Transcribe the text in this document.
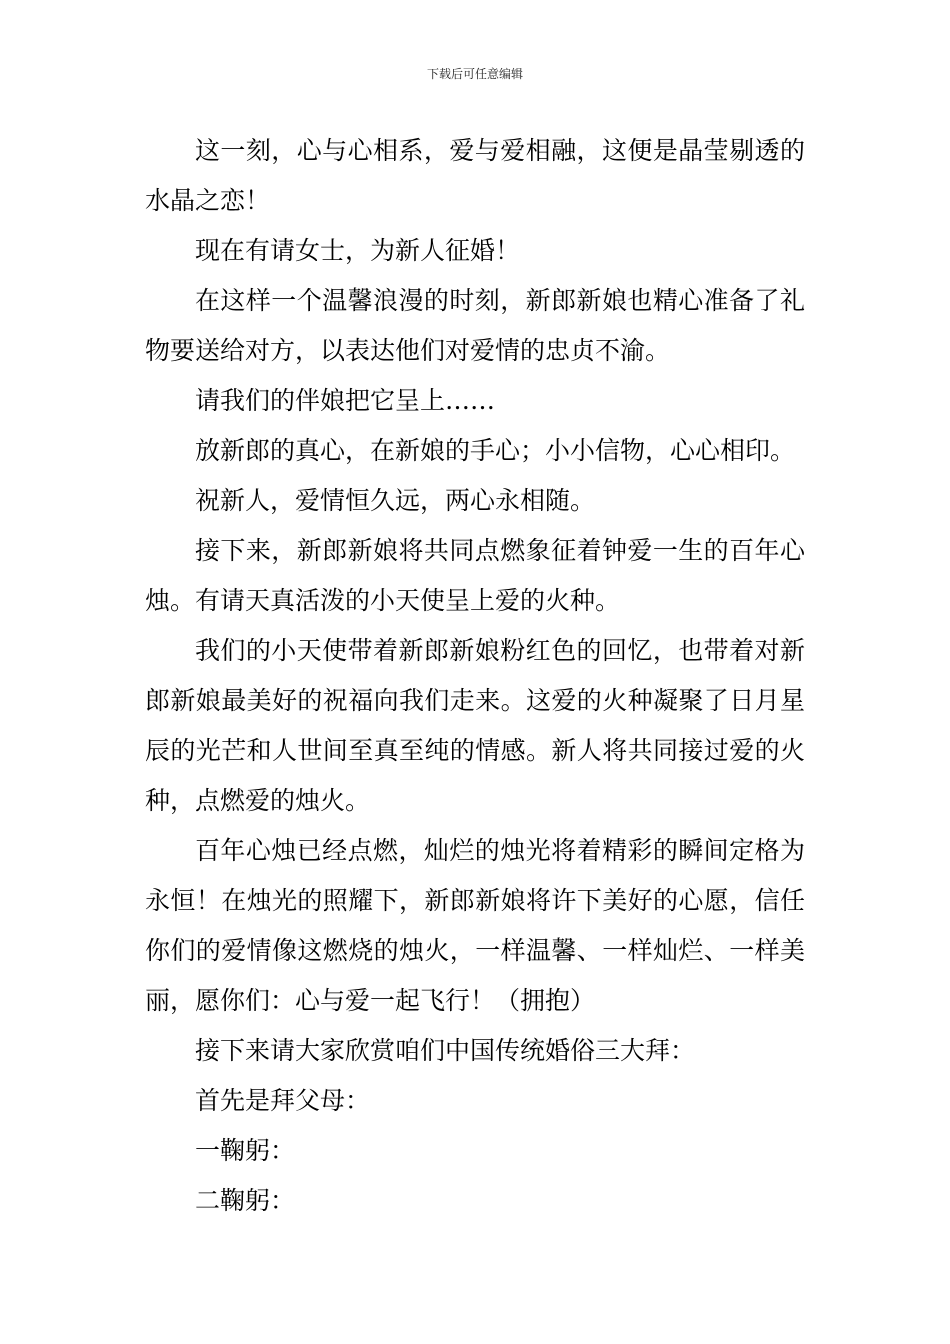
下载后可任意编辑

这一刻，心与心相系，爱与爱相融，这便是晶莹剔透的水晶之恋！

现在有请女士，为新人征婚！

在这样一个温馨浪漫的时刻，新郎新娘也精心准备了礼物要送给对方，以表达他们对爱情的忠贞不渝。

请我们的伴娘把它呈上……

放新郎的真心，在新娘的手心；小小信物，心心相印。

祝新人，爱情恒久远，两心永相随。

接下来，新郎新娘将共同点燃象征着钟爱一生的百年心烛。有请天真活泼的小天使呈上爱的火种。

我们的小天使带着新郎新娘粉红色的回忆，也带着对新郎新娘最美好的祝福向我们走来。这爱的火种凝聚了日月星辰的光芒和人世间至真至纯的情感。新人将共同接过爱的火种，点燃爱的烛火。

百年心烛已经点燃，灿烂的烛光将着精彩的瞬间定格为永恒！在烛光的照耀下，新郎新娘将许下美好的心愿，信任你们的爱情像这燃烧的烛火，一样温馨、一样灿烂、一样美丽，愿你们：心与爱一起飞行！（拥抱）

接下来请大家欣赏咱们中国传统婚俗三大拜：

首先是拜父母：

一鞠躬：

二鞠躬：
